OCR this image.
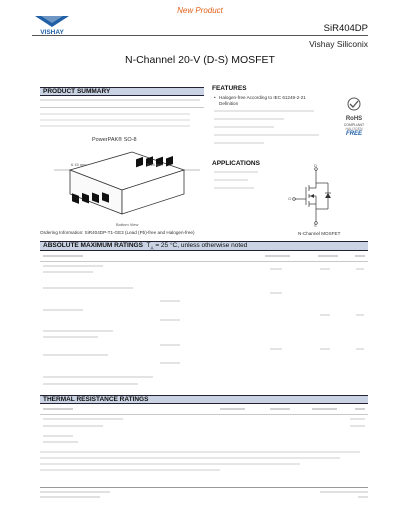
New Product
VISHAY	SiR404DP
Vishay Siliconix
N-Channel 20-V (D-S) MOSFET
PRODUCT SUMMARY
PowerPAK® SO-8
6.15 mm	5.15 mm
Bottom View
Ordering Information: SiR404DP-T1-GE3 (Lead (Pb)-free and Halogen-free)
FEATURES
• Halogen-free According to IEC 61249-2-21
Definition
RoHS
COMPLIANT
HALOGEN
FREE
APPLICATIONS	D
G
S
N-Channel MOSFET
ABSOLUTE MAXIMUM RATINGS  $T_A = 25$ °C, unless otherwise noted
THERMAL RESISTANCE RATINGS
